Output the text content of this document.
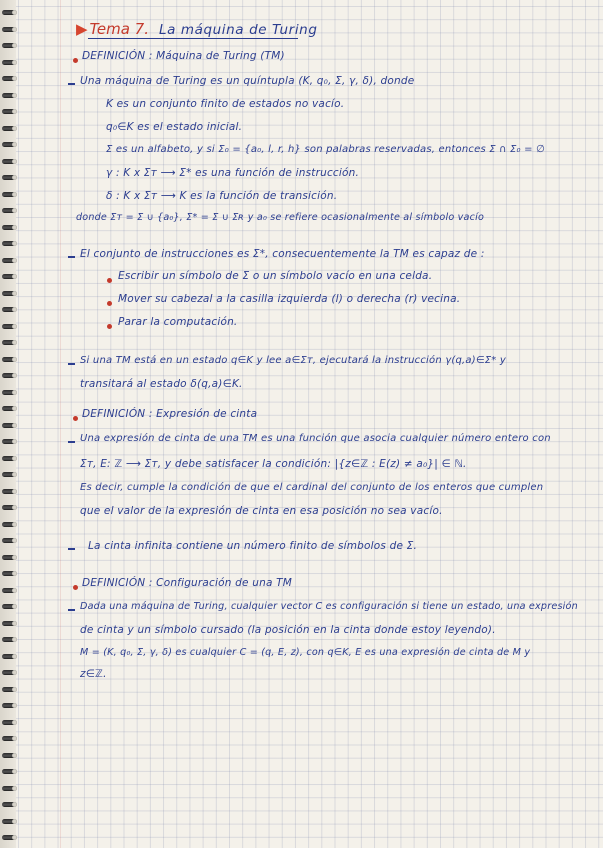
▶ Tema 7. La máquina de Turing
DEFINICIÓN : Máquina de Turing (TM)
Una máquina de Turing es un quíntupla (K, q₀, Σ, γ, δ), donde
K es un conjunto finito de estados no vacío.
q₀∈K es el estado inicial.
Σ es un alfabeto, y si Σ₀ = {a₀, l, r, h} son palabras reservadas, entonces Σ ∩ Σ₀ = ∅
γ : K x Σᴛ ⟶ Σ* es una función de instrucción.
δ : K x Σᴛ ⟶ K es la función de transición.
donde Σᴛ = Σ ∪ {a₀}, Σ* = Σ ∪ Σʀ y a₀ se refiere ocasionalmente al símbolo vacío
El conjunto de instrucciones es Σ*, consecuentemente la TM es capaz de :
Escribir un símbolo de Σ o un símbolo vacío en una celda.
Mover su cabezal a la casilla izquierda (l) o derecha (r) vecina.
Parar la computación.
Si una TM está en un estado q∈K y lee a∈Σᴛ, ejecutará la instrucción γ(q,a)∈Σ* y
transitará al estado δ(q,a)∈K.
DEFINICIÓN : Expresión de cinta
Una expresión de cinta de una TM es una función que asocia cualquier número entero con
Σᴛ, E: ℤ ⟶ Σᴛ, y debe satisfacer la condición: |{z∈ℤ : E(z) ≠ a₀}| ∈ ℕ.
Es decir, cumple la condición de que el cardinal del conjunto de los enteros que cumplen
que el valor de la expresión de cinta en esa posición no sea vacío.
La cinta infinita contiene un número finito de símbolos de Σ.
DEFINICIÓN : Configuración de una TM
Dada una máquina de Turing, cualquier vector C es configuración si tiene un estado, una expresión
de cinta y un símbolo cursado (la posición en la cinta donde estoy leyendo).
M = (K, q₀, Σ, γ, δ) es cualquier C = (q, E, z), con q∈K, E es una expresión de cinta de M y
z∈ℤ.
